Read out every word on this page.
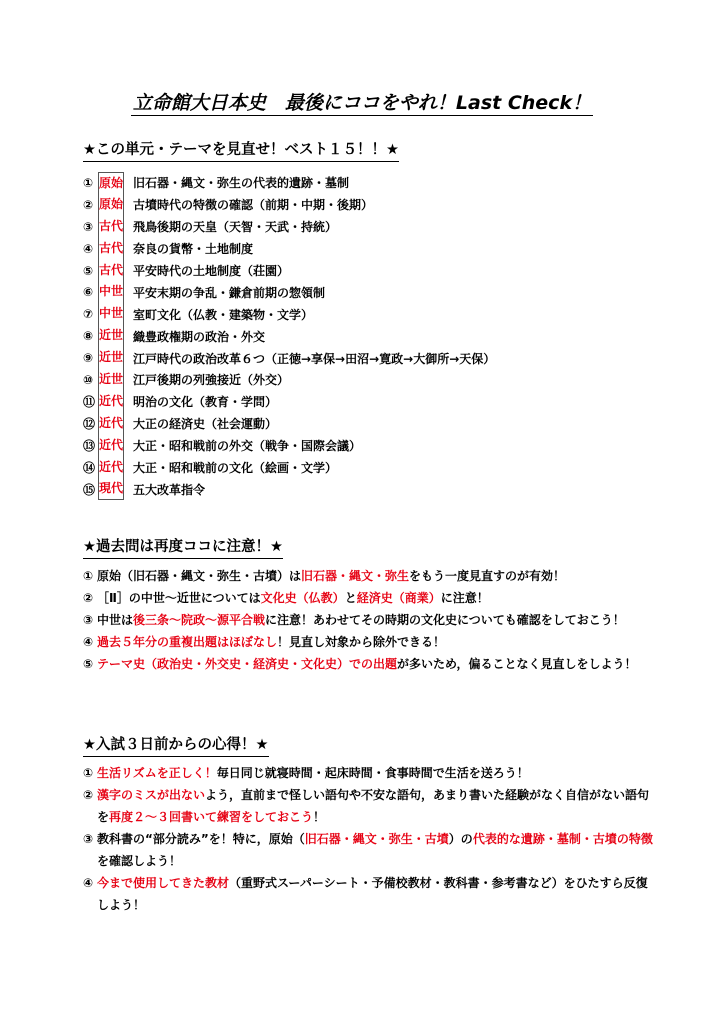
立命館大日本史　最後にココをやれ！Last Check！
★この単元・テーマを見直せ！ベスト１５！！★
① 原始 旧石器・縄文・弥生の代表的遺跡・墓制
② 原始 古墳時代の特徴の確認（前期・中期・後期）
③ 古代 飛鳥後期の天皇（天智・天武・持統）
④ 古代 奈良の貨幣・土地制度
⑤ 古代 平安時代の土地制度（荘園）
⑥ 中世 平安末期の争乱・鎌倉前期の惣領制
⑦ 中世 室町文化（仏教・建築物・文学）
⑧ 近世 織豊政権期の政治・外交
⑨ 近世 江戸時代の政治改革６つ（正徳→享保→田沼→寛政→大御所→天保）
⑩ 近世 江戸後期の列強接近（外交）
⑪ 近代 明治の文化（教育・学問）
⑫ 近代 大正の経済史（社会運動）
⑬ 近代 大正・昭和戦前の外交（戦争・国際会議）
⑭ 近代 大正・昭和戦前の文化（絵画・文学）
⑮ 現代 五大改革指令
★過去問は再度ココに注意！★
① 原始（旧石器・縄文・弥生・古墳）は旧石器・縄文・弥生をもう一度見直すのが有効！
② ［Ⅱ］の中世～近世については文化史（仏教）と経済史（商業）に注意！
③ 中世は後三条～院政～源平合戦に注意！あわせてその時期の文化史についても確認をしておこう！
④ 過去５年分の重複出題はほぼなし！見直し対象から除外できる！
⑤ テーマ史（政治史・外交史・経済史・文化史）での出題が多いため，偏ることなく見直しをしよう！
★入試３日前からの心得！★
① 生活リズムを正しく！毎日同じ就寝時間・起床時間・食事時間で生活を送ろう！
② 漢字のミスが出ないよう，直前まで怪しい語句や不安な語句，あまり書いた経験がなく自信がない語句を再度２～３回書いて練習をしておこう！
③ 教科書の“部分読み”を！特に，原始（旧石器・縄文・弥生・古墳）の代表的な遺跡・墓制・古墳の特徴を確認しよう！
④ 今まで使用してきた教材（重野式スーパーシート・予備校教材・教科書・参考書など）をひたすら反復しよう！
